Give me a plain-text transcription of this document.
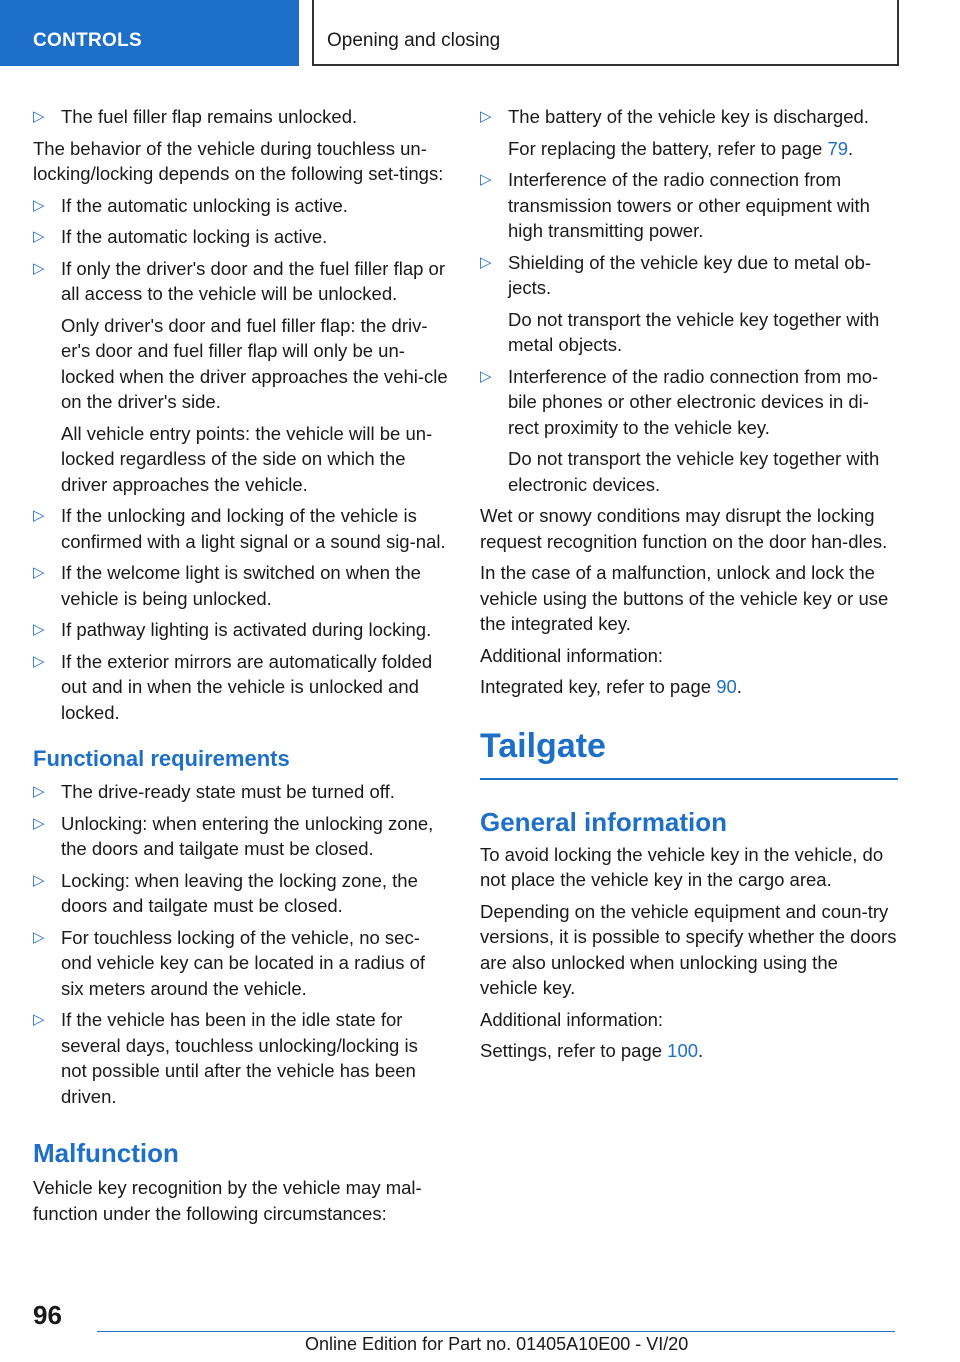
CONTROLS	Opening and closing
▷ The fuel filler flap remains unlocked.

The behavior of the vehicle during touchless un-locking/locking depends on the following set-tings:

▷ If the automatic unlocking is active.
▷ If the automatic locking is active.
▷ If only the driver's door and the fuel filler flap or all access to the vehicle will be unlocked.
Only driver's door and fuel filler flap: the driv-er's door and fuel filler flap will only be un-locked when the driver approaches the vehi-cle on the driver's side.
All vehicle entry points: the vehicle will be un-locked regardless of the side on which the driver approaches the vehicle.
▷ If the unlocking and locking of the vehicle is confirmed with a light signal or a sound sig-nal.
▷ If the welcome light is switched on when the vehicle is being unlocked.
▷ If pathway lighting is activated during locking.
▷ If the exterior mirrors are automatically folded out and in when the vehicle is unlocked and locked.
Functional requirements
▷ The drive-ready state must be turned off.
▷ Unlocking: when entering the unlocking zone, the doors and tailgate must be closed.
▷ Locking: when leaving the locking zone, the doors and tailgate must be closed.
▷ For touchless locking of the vehicle, no sec-ond vehicle key can be located in a radius of six meters around the vehicle.
▷ If the vehicle has been in the idle state for several days, touchless unlocking/locking is not possible until after the vehicle has been driven.
Malfunction

Vehicle key recognition by the vehicle may mal-function under the following circumstances:

▷ The battery of the vehicle key is discharged.
For replacing the battery, refer to page 79.
▷ Interference of the radio connection from transmission towers or other equipment with high transmitting power.
▷ Shielding of the vehicle key due to metal ob-jects.
Do not transport the vehicle key together with metal objects.
▷ Interference of the radio connection from mo-bile phones or other electronic devices in di-rect proximity to the vehicle key.
Do not transport the vehicle key together with electronic devices.

Wet or snowy conditions may disrupt the locking request recognition function on the door han-dles.

In the case of a malfunction, unlock and lock the vehicle using the buttons of the vehicle key or use the integrated key.

Additional information:

Integrated key, refer to page 90.

Tailgate
General information

To avoid locking the vehicle key in the vehicle, do not place the vehicle key in the cargo area.

Depending on the vehicle equipment and coun-try versions, it is possible to specify whether the doors are also unlocked when unlocking using the vehicle key.

Additional information:

Settings, refer to page 100.

96
Online Edition for Part no. 01405A10E00 - VI/20
